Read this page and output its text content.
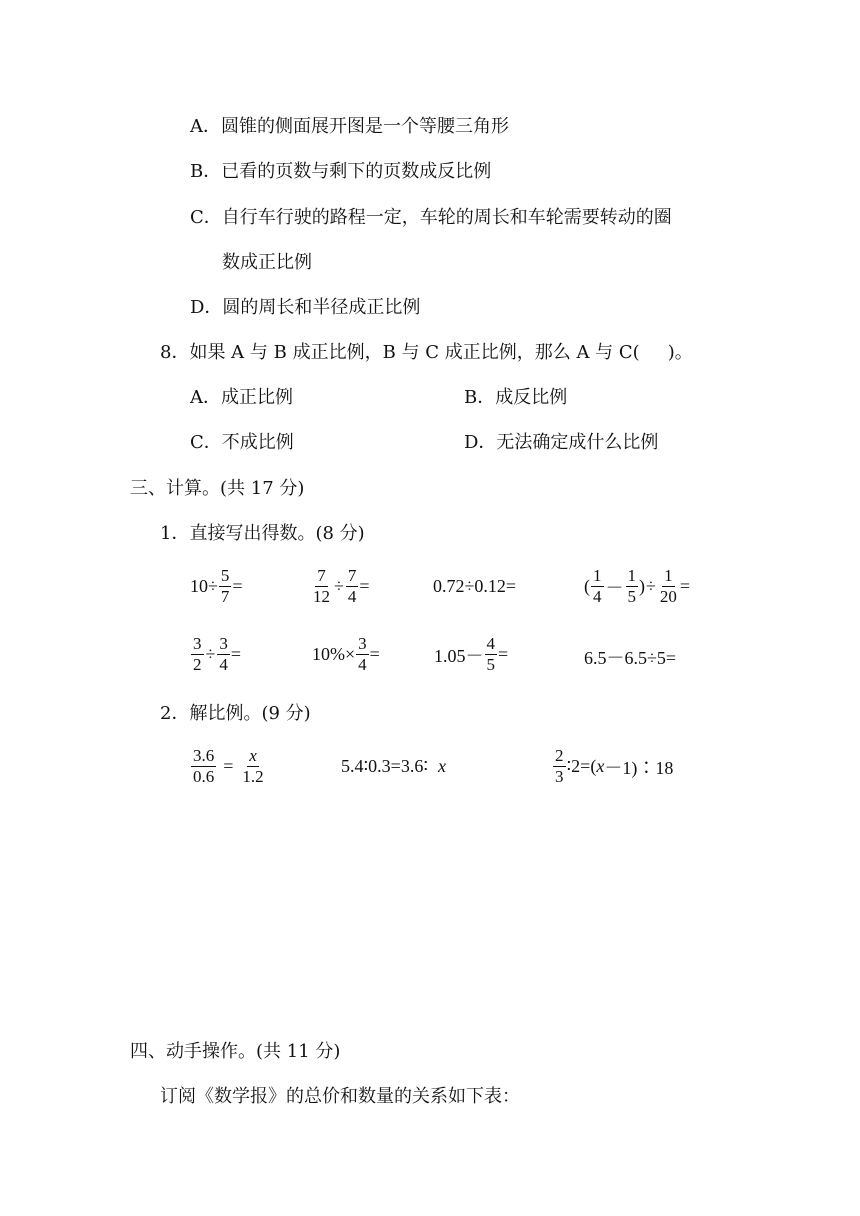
A．圆锥的侧面展开图是一个等腰三角形
B．已看的页数与剩下的页数成反比例
C．自行车行驶的路程一定，车轮的周长和车轮需要转动的圈
数成正比例
D．圆的周长和半径成正比例
8．如果 A 与 B 成正比例，B 与 C 成正比例，那么 A 与 C( )。
A．成正比例	B．成反比例
C．不成比例	D．无法确定成什么比例
三、计算。(共 17 分)
1．直接写出得数。(8 分)
$10\div \frac{5}{7}$ =	$\frac{7}{12} \div \frac{7}{4}$ =	0.72÷0.12=	( $\frac{1}{4} - \frac{1}{5}$ ) ÷ $\frac{1}{20}$ =
$\frac{3}{2} \div \frac{3}{4}$ =	$10\%\times \frac{3}{4}$ =	$1.05- \frac{4}{5}$ =	6.5－6.5÷5=
2．解比例。(9 分)
$\frac{3.6}{0.6} = \frac{x}{1.2}$	5.4∶0.3=3.6∶ x	$\frac{2}{3}$ ∶2=( x －1)∶18
四、动手操作。(共 11 分)
订阅《数学报》的总价和数量的关系如下表：
